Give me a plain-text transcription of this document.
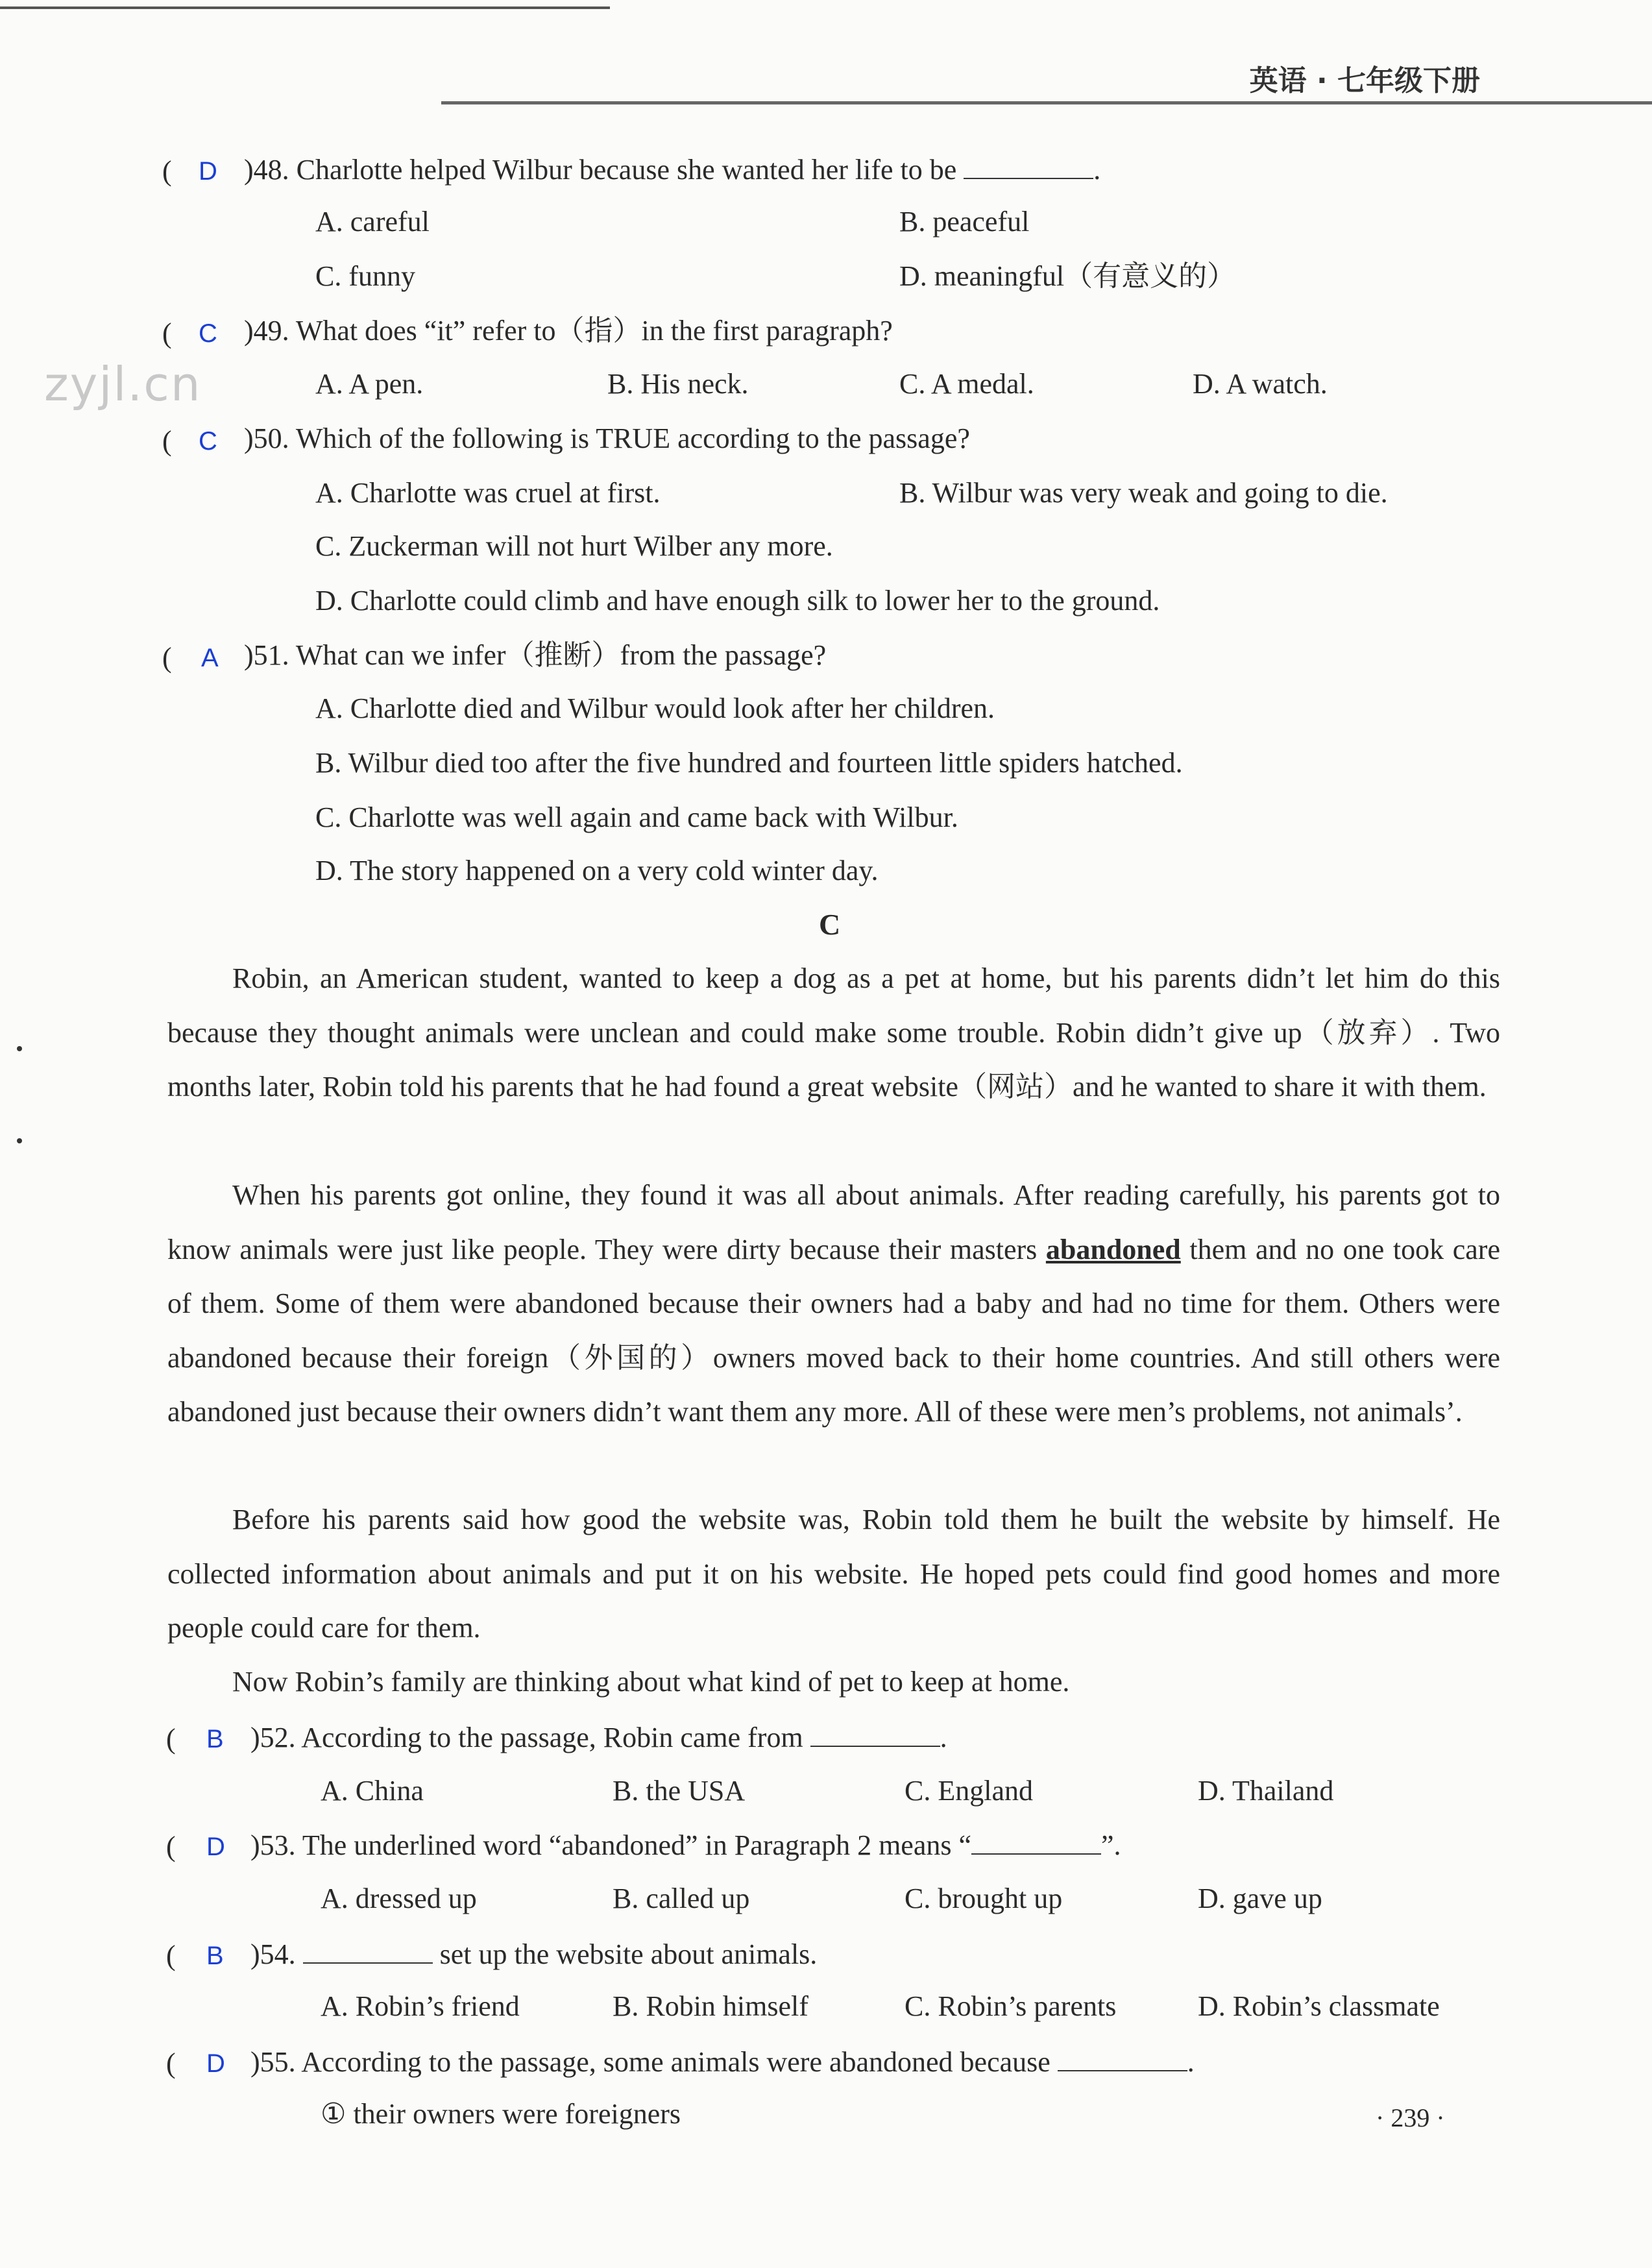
英语 · 七年级下册
zyjl.cn
( D )48. Charlotte helped Wilbur because she wanted her life to be	.
A. careful	B. peaceful
C. funny	D. meaningful（有意义的）
( C )49. What does “it” refer to（指）in the first paragraph?
A. A pen.	B. His neck.	C. A medal.	D. A watch.
( C )50. Which of the following is TRUE according to the passage?
A. Charlotte was cruel at first.	B. Wilbur was very weak and going to die.
C. Zuckerman will not hurt Wilber any more.
D. Charlotte could climb and have enough silk to lower her to the ground.
( A )51. What can we infer（推断）from the passage?
A. Charlotte died and Wilbur would look after her children.
B. Wilbur died too after the five hundred and fourteen little spiders hatched.
C. Charlotte was well again and came back with Wilbur.
D. The story happened on a very cold winter day.
C
Robin, an American student, wanted to keep a dog as a pet at home, but his parents didn’t let him do this because they thought animals were unclean and could make some trouble. Robin didn’t give up（放弃）. Two months later, Robin told his parents that he had found a great website（网站）and he wanted to share it with them.
When his parents got online, they found it was all about animals. After reading carefully, his parents got to know animals were just like people. They were dirty because their masters abandoned them and no one took care of them. Some of them were abandoned because their owners had a baby and had no time for them. Others were abandoned because their foreign（外国的）owners moved back to their home countries. And still others were abandoned just because their owners didn’t want them any more. All of these were men’s problems, not animals’.
Before his parents said how good the website was, Robin told them he built the website by himself. He collected information about animals and put it on his website. He hoped pets could find good homes and more people could care for them.
Now Robin’s family are thinking about what kind of pet to keep at home.
( B )52. According to the passage, Robin came from	.
A. China	B. the USA	C. England	D. Thailand
( D )53. The underlined word “abandoned” in Paragraph 2 means “	”.
A. dressed up	B. called up	C. brought up	D. gave up
( B )54.	set up the website about animals.
A. Robin’s friend	B. Robin himself	C. Robin’s parents	D. Robin’s classmate
( D )55. According to the passage, some animals were abandoned because	.
① their owners were foreigners	· 239 ·
